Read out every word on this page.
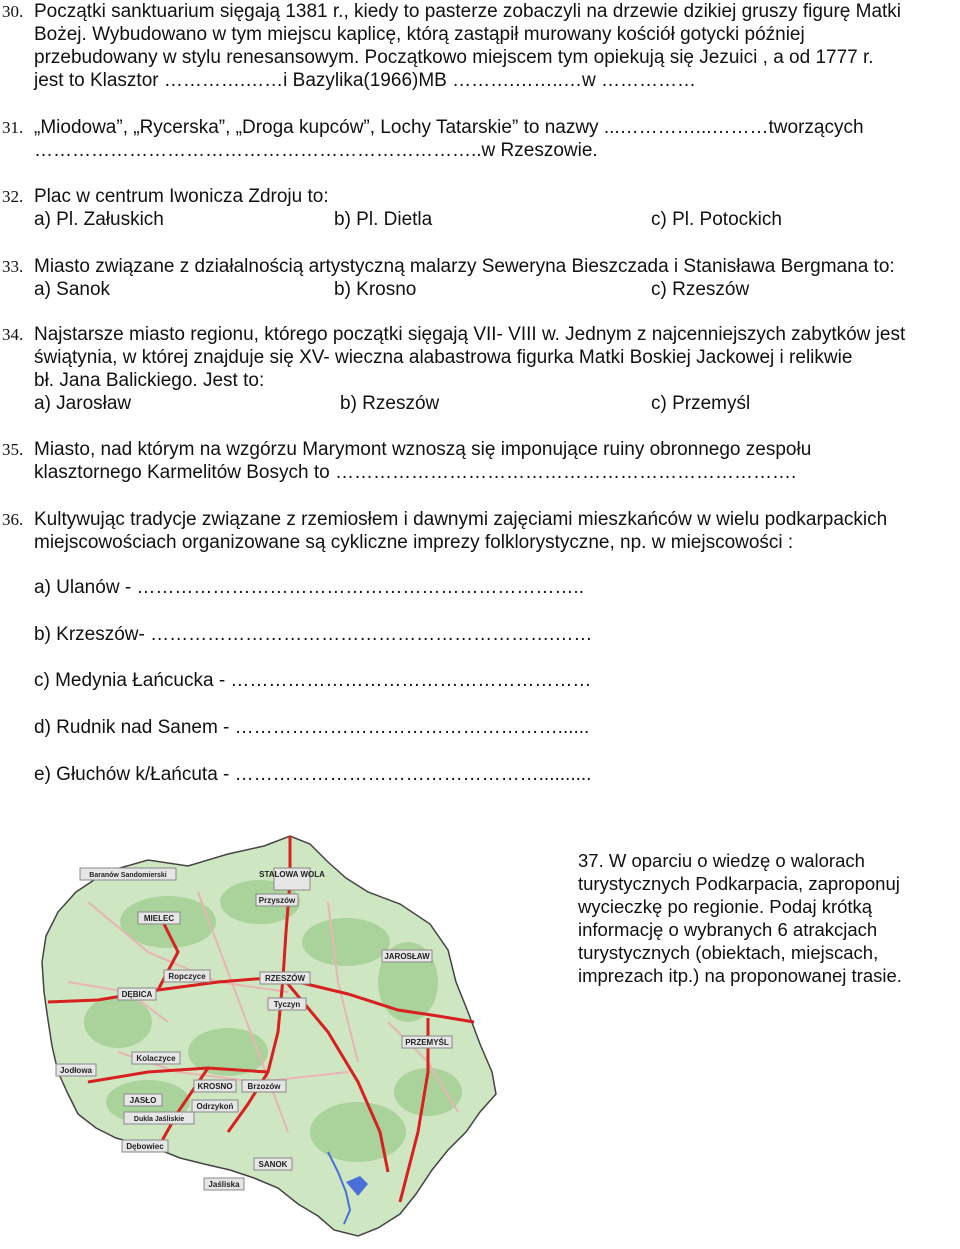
30. Początki sanktuarium sięgają 1381 r., kiedy to pasterze zobaczyli na drzewie dzikiej gruszy figurę Matki
Bożej. Wybudowano w tym miejscu kaplicę, którą zastąpił murowany kościół gotycki później
przebudowany w stylu renesansowym. Początkowo miejscem tym opiekują się Jezuici , a od 1777 r.
jest to Klasztor ………….……i Bazylika(1966)MB ……….……..…w ……………
31. „Miodowa”, „Rycerska”, „Droga kupców”, Lochy Tatarskie” to nazwy ...…………...………tworzących
……………………………………………………………..w Rzeszowie.
32. Plac w centrum Iwonicza Zdroju to:
a) Pl. Załuskich	b) Pl. Dietla	c) Pl. Potockich
33. Miasto związane z działalnością artystyczną malarzy Seweryna Bieszczada i Stanisława Bergmana to:
a) Sanok	b) Krosno	c) Rzeszów
34. Najstarsze miasto regionu, którego początki sięgają VII- VIII w. Jednym z najcenniejszych zabytków jest
świątynia, w której znajduje się XV- wieczna alabastrowa figurka Matki Boskiej Jackowej i relikwie
bł. Jana Balickiego. Jest to:
a) Jarosław	b) Rzeszów	c) Przemyśl
35. Miasto, nad którym na wzgórzu Marymont wznoszą się imponujące ruiny obronnego zespołu
klasztornego Karmelitów Bosych to ……………………………………………………………….
36. Kultywując tradycje związane z rzemiosłem i dawnymi zajęciami mieszkańców w wielu podkarpackich
miejscowościach organizowane są cykliczne imprezy folklorystyczne, np. w miejscowości :
a) Ulanów - ……………………………………………………………..
b) Krzeszów- ……………………………………………………….……
c) Medynia Łańcucka - …………………………………………………
d) Rudnik nad Sanem - ……………………………………………......
e) Głuchów k/Łańcuta - …………………………………………..........
37. W oparciu o wiedzę o walorach
turystycznych Podkarpacia, zaproponuj
wycieczkę po regionie. Podaj krótką
informację o wybranych 6 atrakcjach
turystycznych (obiektach, miejscach,
imprezach itp.) na proponowanej trasie.
STALOWA WOLA
Baranów Sandomierski
Przyszów
MIELEC
Ropczyce
DĘBICA
RZESZÓW
Tyczyn
JAROSŁAW
PRZEMYŚL
Kolaczyce
Jodłowa
KROSNO Brzozów
JASŁO
Odrzykoń
Dukla Jaśliskie
Dębowiec
Jaśliska
SANOK
